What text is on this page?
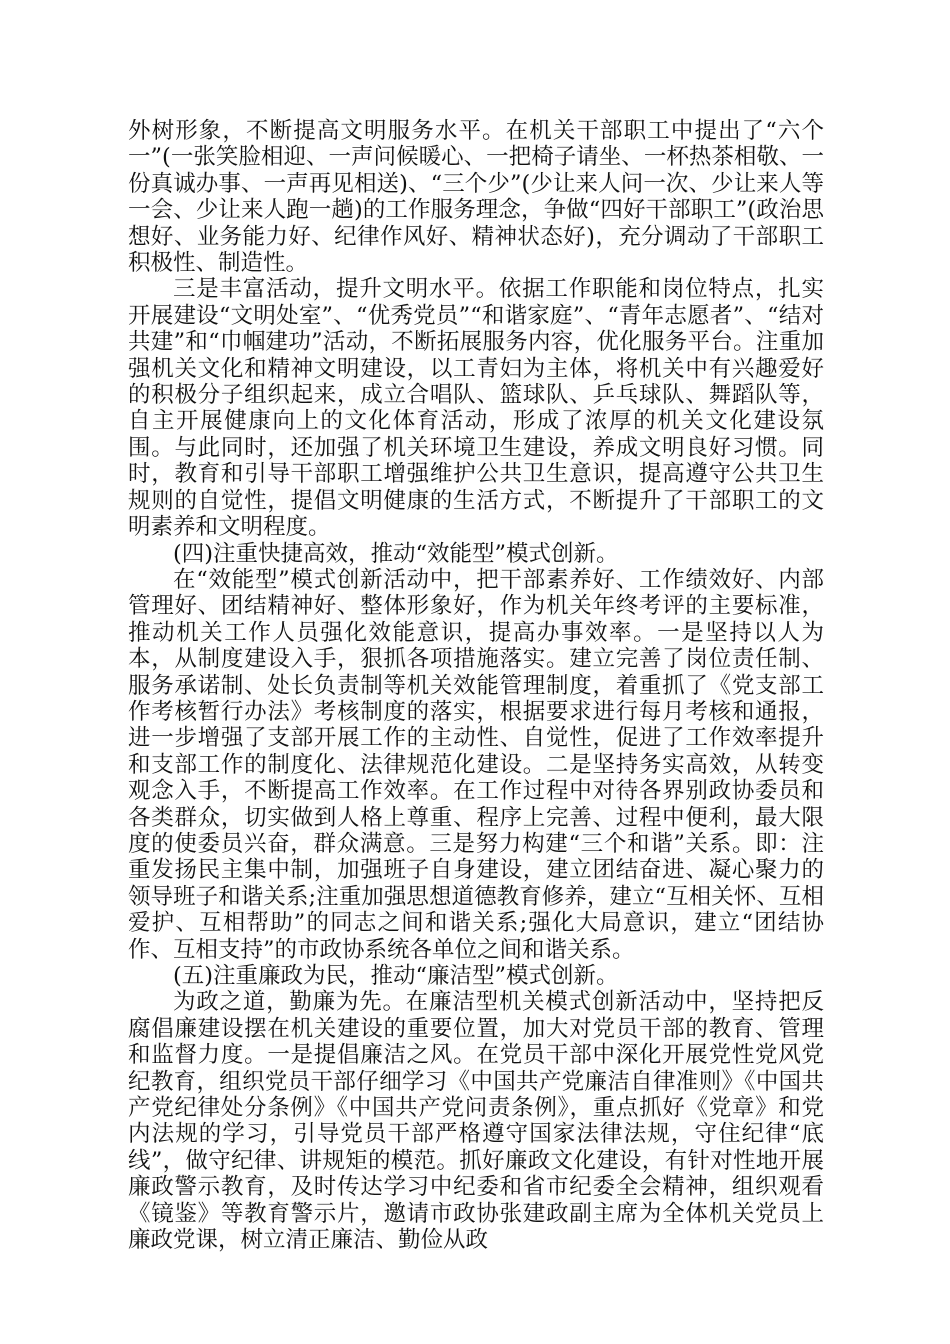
外树形象，不断提高文明服务水平。在机关干部职工中提出了“六个一”(一张笑脸相迎、一声问候暖心、一把椅子请坐、一杯热茶相敬、一份真诚办事、一声再见相送)、“三个少”(少让来人问一次、少让来人等一会、少让来人跑一趟)的工作服务理念，争做“四好干部职工”(政治思想好、业务能力好、纪律作风好、精神状态好)，充分调动了干部职工积极性、制造性。

三是丰富活动，提升文明水平。依据工作职能和岗位特点，扎实开展建设“文明处室”、“优秀党员”“和谐家庭”、“青年志愿者”、“结对共建”和“巾帼建功”活动，不断拓展服务内容，优化服务平台。注重加强机关文化和精神文明建设，以工青妇为主体，将机关中有兴趣爱好的积极分子组织起来，成立合唱队、篮球队、乒乓球队、舞蹈队等，自主开展健康向上的文化体育活动，形成了浓厚的机关文化建设氛围。与此同时，还加强了机关环境卫生建设，养成文明良好习惯。同时，教育和引导干部职工增强维护公共卫生意识，提高遵守公共卫生规则的自觉性，提倡文明健康的生活方式，不断提升了干部职工的文明素养和文明程度。

(四)注重快捷高效，推动“效能型”模式创新。

在“效能型”模式创新活动中，把干部素养好、工作绩效好、内部管理好、团结精神好、整体形象好，作为机关年终考评的主要标准，推动机关工作人员强化效能意识，提高办事效率。一是坚持以人为本，从制度建设入手，狠抓各项措施落实。建立完善了岗位责任制、服务承诺制、处长负责制等机关效能管理制度，着重抓了《党支部工作考核暂行办法》考核制度的落实，根据要求进行每月考核和通报，进一步增强了支部开展工作的主动性、自觉性，促进了工作效率提升和支部工作的制度化、法律规范化建设。二是坚持务实高效，从转变观念入手，不断提高工作效率。在工作过程中对待各界别政协委员和各类群众，切实做到人格上尊重、程序上完善、过程中便利，最大限度的使委员兴奋，群众满意。三是努力构建“三个和谐”关系。即：注重发扬民主集中制，加强班子自身建设，建立团结奋进、凝心聚力的领导班子和谐关系;注重加强思想道德教育修养，建立“互相关怀、互相爱护、互相帮助”的同志之间和谐关系;强化大局意识，建立“团结协作、互相支持”的市政协系统各单位之间和谐关系。

(五)注重廉政为民，推动“廉洁型”模式创新。

为政之道，勤廉为先。在廉洁型机关模式创新活动中，坚持把反腐倡廉建设摆在机关建设的重要位置，加大对党员干部的教育、管理和监督力度。一是提倡廉洁之风。在党员干部中深化开展党性党风党纪教育，组织党员干部仔细学习《中国共产党廉洁自律准则》《中国共产党纪律处分条例》《中国共产党问责条例》，重点抓好《党章》和党内法规的学习，引导党员干部严格遵守国家法律法规，守住纪律“底线”，做守纪律、讲规矩的模范。抓好廉政文化建设，有针对性地开展廉政警示教育，及时传达学习中纪委和省市纪委全会精神，组织观看《镜鉴》等教育警示片，邀请市政协张建政副主席为全体机关党员上廉政党课，树立清正廉洁、勤俭从政
